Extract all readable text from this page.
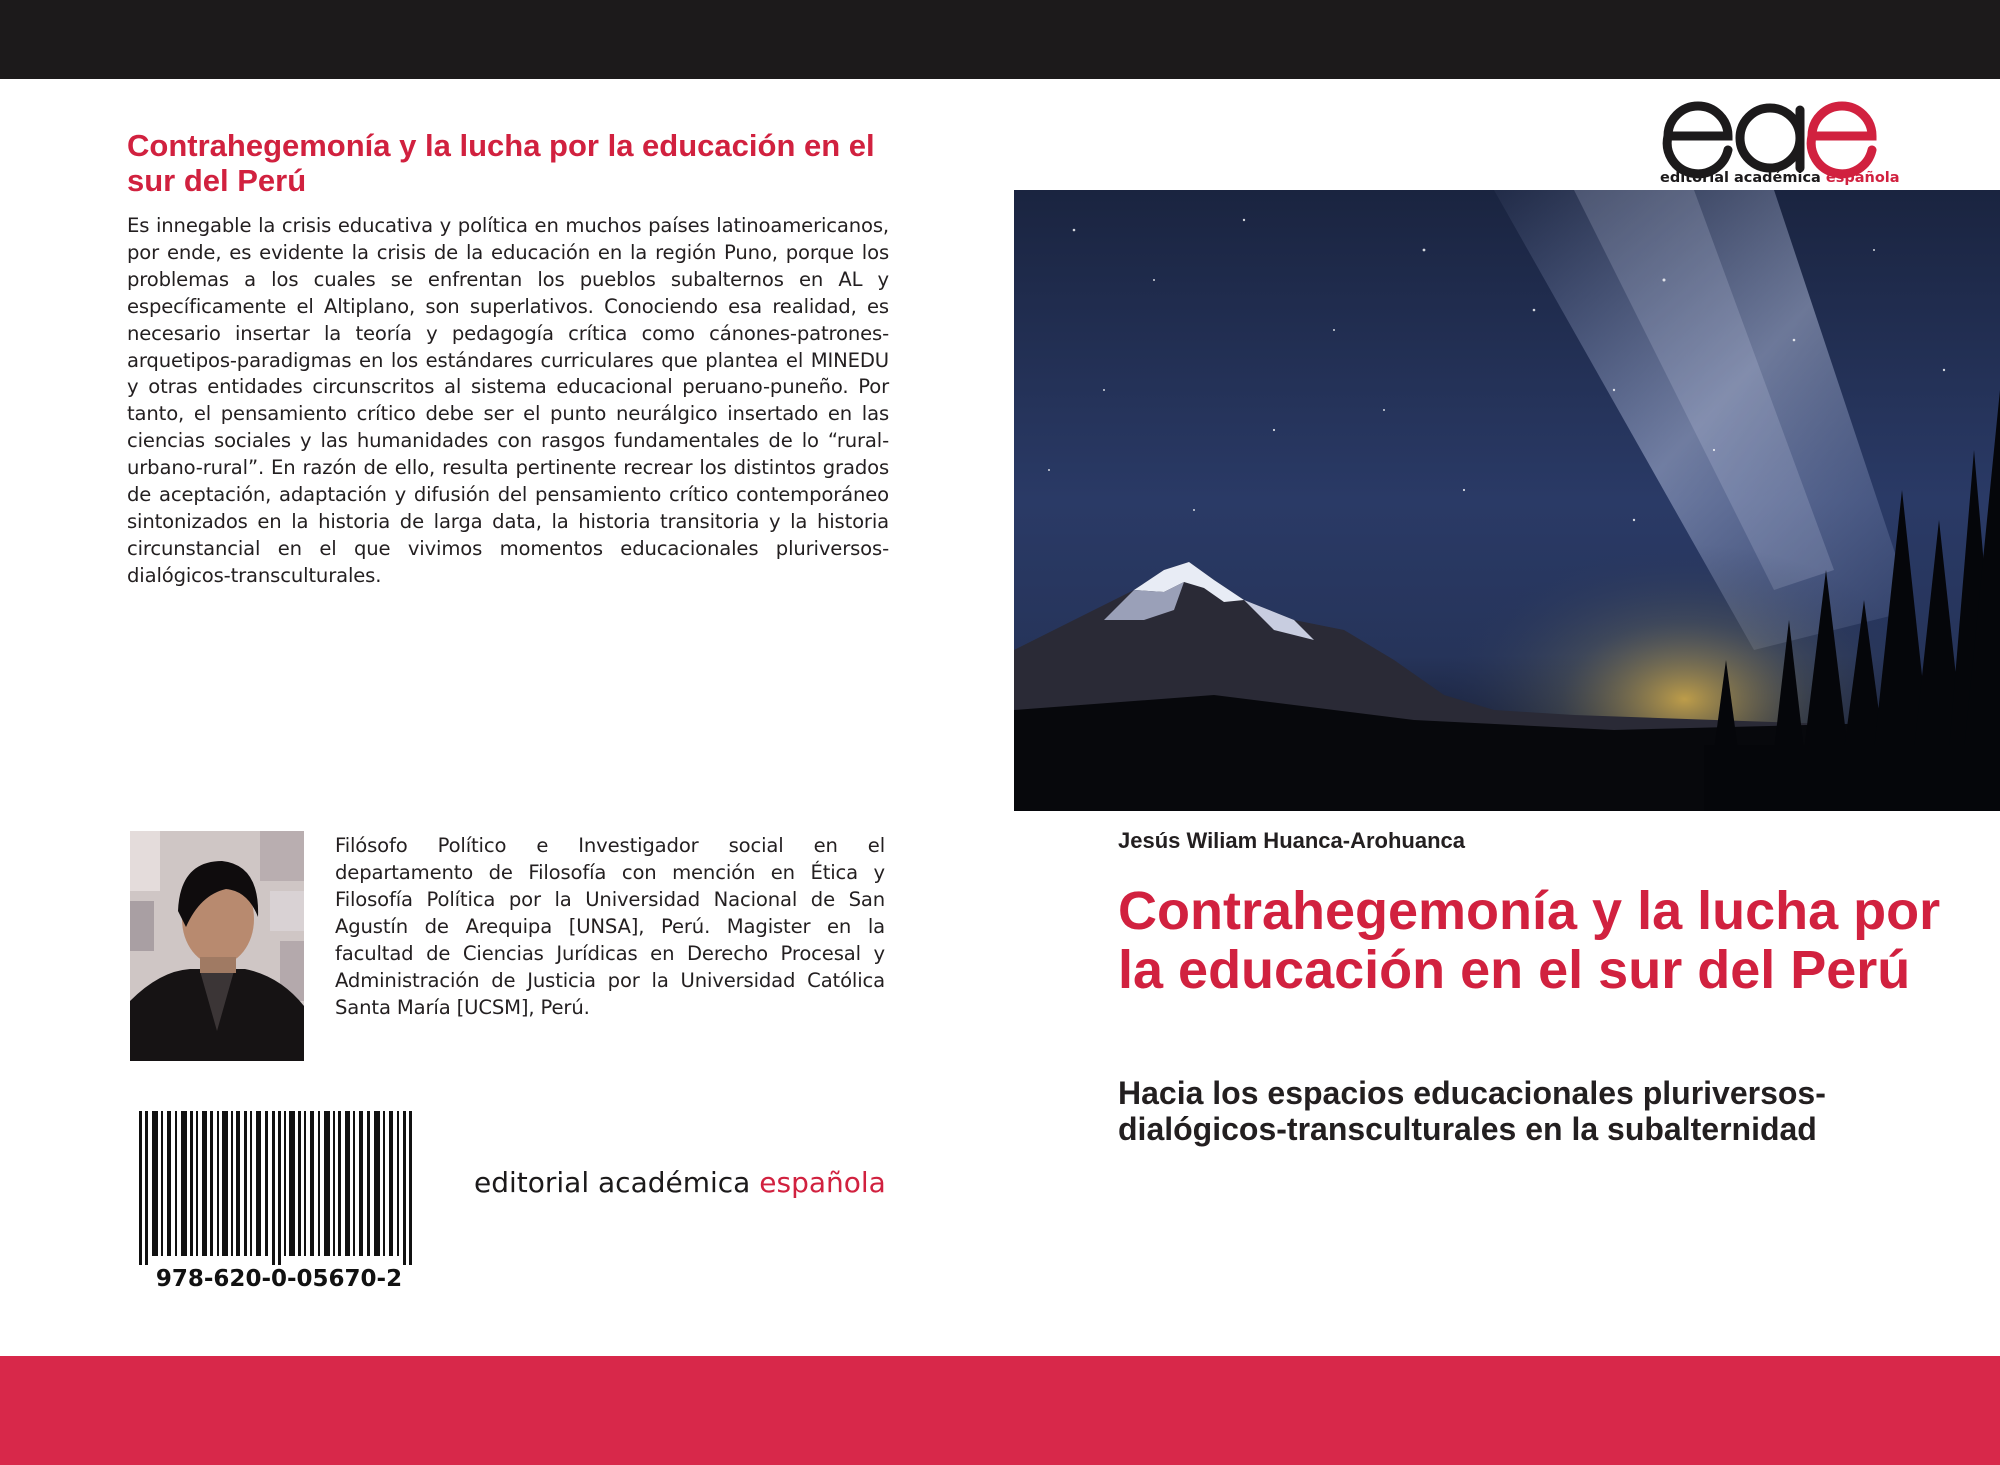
Contrahegemonía y la lucha por la educación en el sur del Perú

Es innegable la crisis educativa y política en muchos países latinoamericanos, por ende, es evidente la crisis de la educación en la región Puno, porque los problemas a los cuales se enfrentan los pueblos subalternos en AL y específicamente el Altiplano, son superlativos. Conociendo esa realidad, es necesario insertar la teoría y pedagogía crítica como cánones-patrones-arquetipos-paradigmas en los estándares curriculares que plantea el MINEDU y otras entidades circunscritos al sistema educacional peruano-puneño. Por tanto, el pensamiento crítico debe ser el punto neurálgico insertado en las ciencias sociales y las humanidades con rasgos fundamentales de lo “rural-urbano-rural”. En razón de ello, resulta pertinente recrear los distintos grados de aceptación, adaptación y difusión del pensamiento crítico contemporáneo sintonizados en la historia de larga data, la historia transitoria y la historia circunstancial en el que vivimos momentos educacionales pluriversos-dialógicos-transculturales.

Filósofo Político e Investigador social en el departamento de Filosofía con mención en Ética y Filosofía Política por la Universidad Nacional de San Agustín de Arequipa [UNSA], Perú. Magister en la facultad de Ciencias Jurídicas en Derecho Procesal y Administración de Justicia por la Universidad Católica Santa María [UCSM], Perú.

978-620-0-05670-2
editorial académica española
editorial académica española
Jesús Wiliam Huanca-Arohuanca
Contrahegemonía y la lucha por la educación en el sur del Perú
Hacia los espacios educacionales pluriversos-dialógicos-transculturales en la subalternidad
